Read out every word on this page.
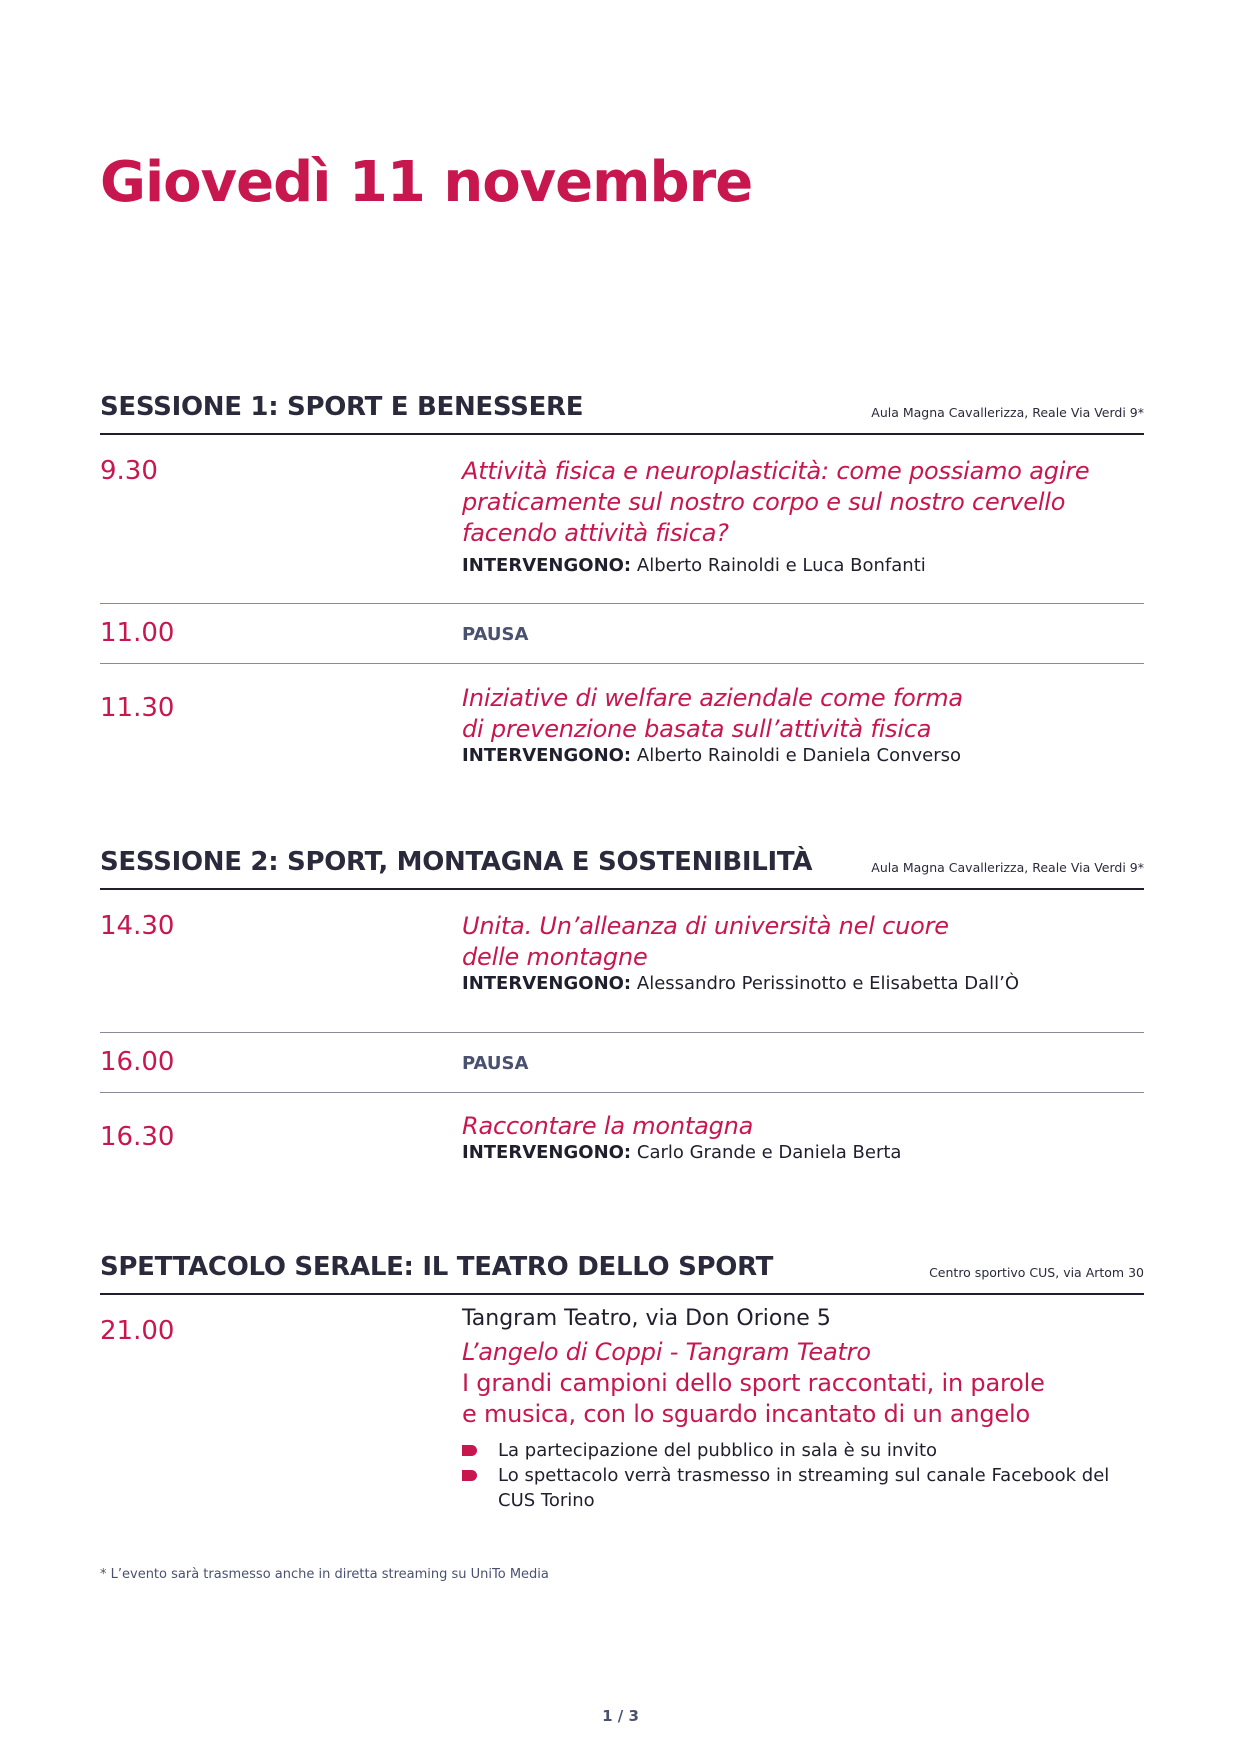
Giovedì 11 novembre
SESSIONE 1: SPORT E BENESSERE	Aula Magna Cavallerizza, Reale Via Verdi 9*
9.30	Attività fisica e neuroplasticità: come possiamo agire praticamente sul nostro corpo e sul nostro cervello facendo attività fisica?
INTERVENGONO: Alberto Rainoldi e Luca Bonfanti
11.00	PAUSA
11.30	Iniziative di welfare aziendale come forma
di prevenzione basata sull’attività fisica
INTERVENGONO: Alberto Rainoldi e Daniela Converso
SESSIONE 2: SPORT, MONTAGNA E SOSTENIBILITÀ	Aula Magna Cavallerizza, Reale Via Verdi 9*
14.30	Unita. Un’alleanza di università nel cuore
delle montagne
INTERVENGONO: Alessandro Perissinotto e Elisabetta Dall’Ò
16.00	PAUSA
16.30	Raccontare la montagna
INTERVENGONO: Carlo Grande e Daniela Berta
SPETTACOLO SERALE: IL TEATRO DELLO SPORT	Centro sportivo CUS, via Artom 30
21.00	Tangram Teatro, via Don Orione 5
L’angelo di Coppi - Tangram Teatro
I grandi campioni dello sport raccontati, in parole
e musica, con lo sguardo incantato di un angelo
La partecipazione del pubblico in sala è su invito
Lo spettacolo verrà trasmesso in streaming sul canale Facebook del CUS Torino
* L’evento sarà trasmesso anche in diretta streaming su UniTo Media
1 / 3
